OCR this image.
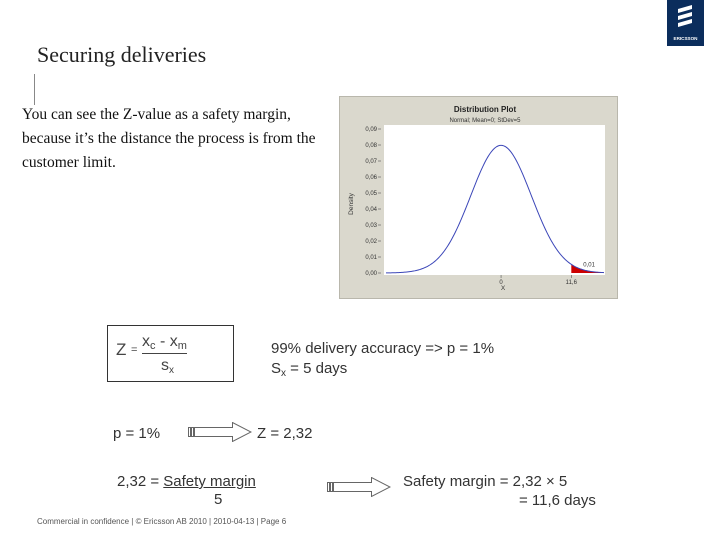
ERICSSON
Securing deliveries
You can see the Z-value as a safety margin, because it’s the distance the process is from the customer limit.
Distribution Plot
Normal; Mean=0; StDev=5
Density
X
0,09
0,08
0,07
0,06
0,05
0,04
0,03
0,02
0,01
0,00
0	11,6
0,01
Z = xc - xm
sx
99% delivery accuracy => p = 1%
$S_x = 5$ days
p = 1%	Z = 2,32
2,32 = Safety margin
5
Safety margin = 2,32 × 5
= 11,6 days
Commercial in confidence | © Ericsson AB 2010 | 2010-04-13 | Page 6
